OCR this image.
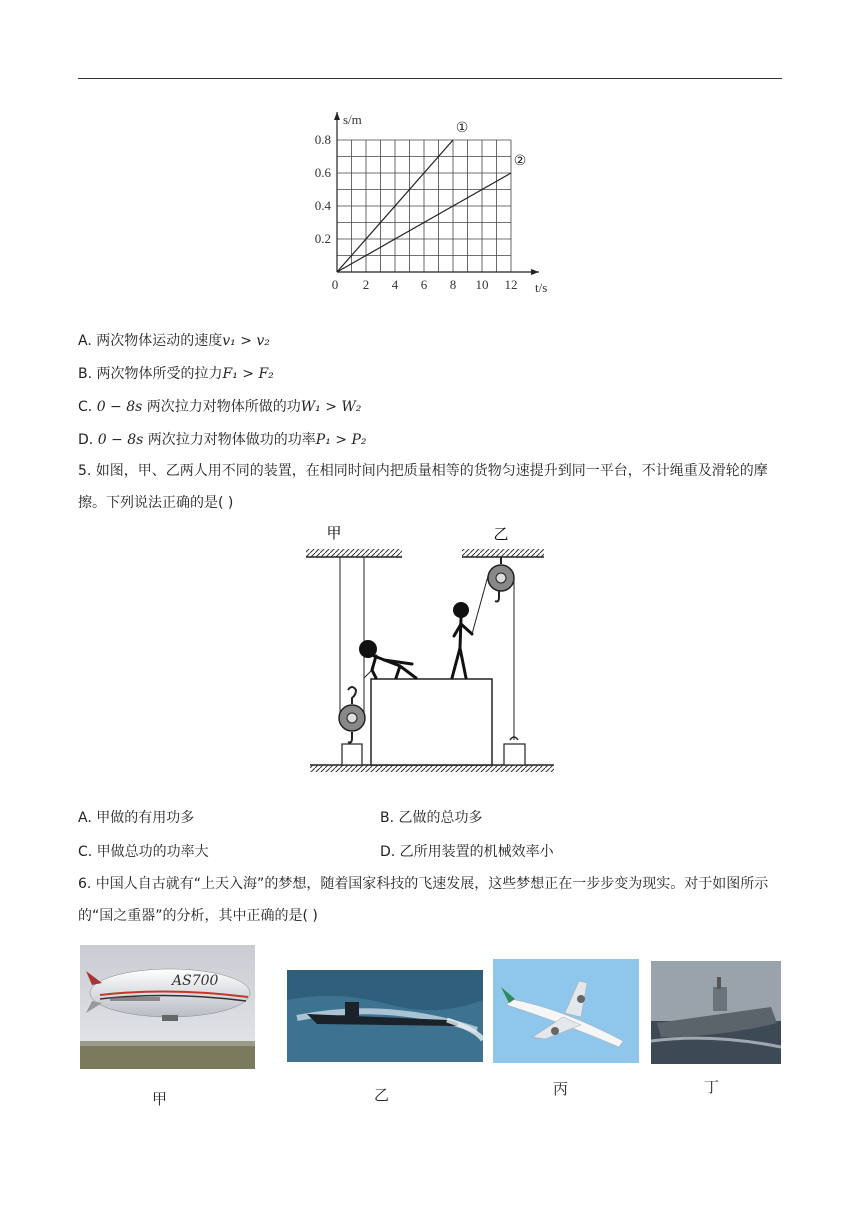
0 2 4 6 8 10 12
0.2
0.4
0.6
0.8
t/s
s/m
①
②
A. 两次物体运动的速度v₁ > v₂
B. 两次物体所受的拉力F₁ > F₂
C. 0 − 8s 两次拉力对物体所做的功W₁ > W₂
D. 0 − 8s 两次拉力对物体做功的功率P₁ > P₂
5. 如图，甲、乙两人用不同的装置，在相同时间内把质量相等的货物匀速提升到同一平台，不计绳重及滑轮的摩擦。下列说法正确的是( )
甲	乙
A. 甲做的有用功多	B. 乙做的总功多
C. 甲做总功的功率大	D. 乙所用装置的机械效率小
6. 中国人自古就有“上天入海”的梦想，随着国家科技的飞速发展，这些梦想正在一步步变为现实。对于如图所示的“国之重器”的分析，其中正确的是( )
AS700
甲	乙	丙	丁
